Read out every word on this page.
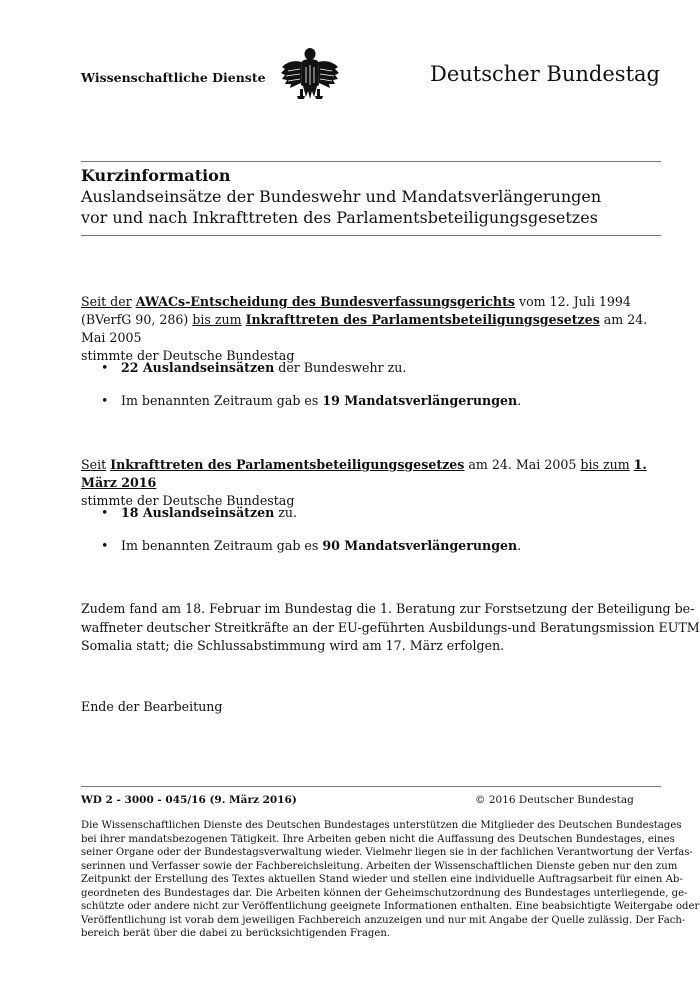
Wissenschaftliche Dienste	Deutscher Bundestag

Kurzinformation

Auslandseinsätze der Bundeswehr und Mandatsverlängerungen

vor und nach Inkrafttreten des Parlamentsbeteiligungsgesetzes

Seit der AWACs-Entscheidung des Bundesverfassungsgerichts vom 12. Juli 1994

(BVerfG 90, 286) bis zum Inkrafttreten des Parlamentsbeteiligungsgesetzes am 24. Mai 2005

stimmte der Deutsche Bundestag

• 22 Auslandseinsätzen der Bundeswehr zu.
• Im benannten Zeitraum gab es 19 Mandatsverlängerungen.

Seit Inkrafttreten des Parlamentsbeteiligungsgesetzes am 24. Mai 2005 bis zum 1. März 2016

stimmte der Deutsche Bundestag

• 18 Auslandseinsätzen zu.
• Im benannten Zeitraum gab es 90 Mandatsverlängerungen.

Zudem fand am 18. Februar im Bundestag die 1. Beratung zur Forstsetzung der Beteiligung be-

waffneter deutscher Streitkräfte an der EU-geführten Ausbildungs-und Beratungsmission EUTM

Somalia statt; die Schlussabstimmung wird am 17. März erfolgen.

Ende der Bearbeitung
WD 2 - 3000 - 045/16 (9. März 2016)	© 2016 Deutscher Bundestag
Die Wissenschaftlichen Dienste des Deutschen Bundestages unterstützen die Mitglieder des Deutschen Bundestages
bei ihrer mandatsbezogenen Tätigkeit. Ihre Arbeiten geben nicht die Auffassung des Deutschen Bundestages, eines
seiner Organe oder der Bundestagsverwaltung wieder. Vielmehr liegen sie in der fachlichen Verantwortung der Verfas-
serinnen und Verfasser sowie der Fachbereichsleitung. Arbeiten der Wissenschaftlichen Dienste geben nur den zum
Zeitpunkt der Erstellung des Textes aktuellen Stand wieder und stellen eine individuelle Auftragsarbeit für einen Ab-
geordneten des Bundestages dar. Die Arbeiten können der Geheimschutzordnung des Bundestages unterliegende, ge-
schützte oder andere nicht zur Veröffentlichung geeignete Informationen enthalten. Eine beabsichtigte Weitergabe oder
Veröffentlichung ist vorab dem jeweiligen Fachbereich anzuzeigen und nur mit Angabe der Quelle zulässig. Der Fach-
bereich berät über die dabei zu berücksichtigenden Fragen.
